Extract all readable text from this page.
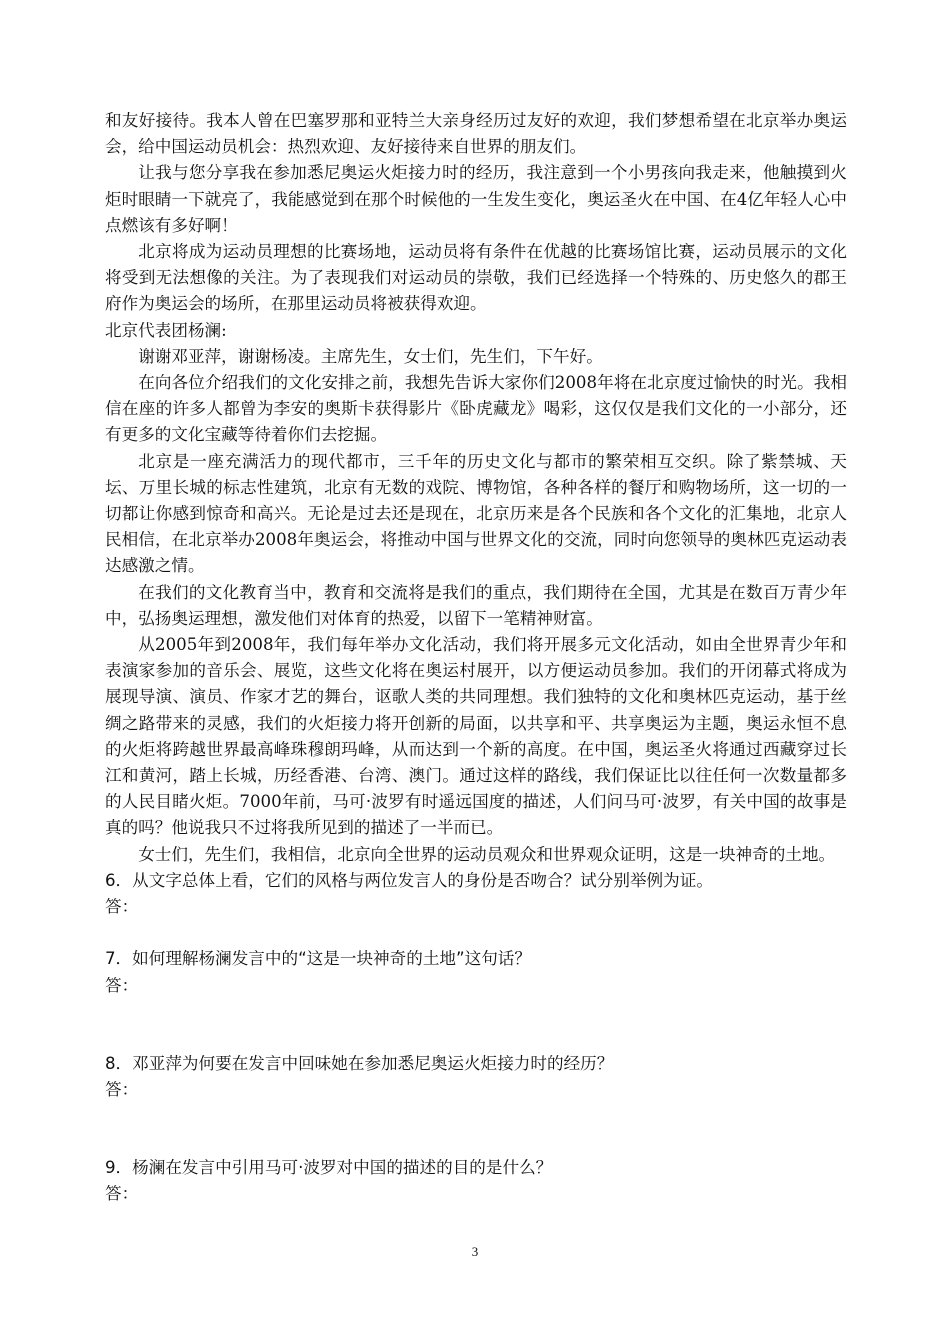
和友好接待。我本人曾在巴塞罗那和亚特兰大亲身经历过友好的欢迎，我们梦想希望在北京举办奥运会，给中国运动员机会：热烈欢迎、友好接待来自世界的朋友们。

让我与您分享我在参加悉尼奥运火炬接力时的经历，我注意到一个小男孩向我走来，他触摸到火炬时眼睛一下就亮了，我能感觉到在那个时候他的一生发生变化，奥运圣火在中国、在4亿年轻人心中点燃该有多好啊！

北京将成为运动员理想的比赛场地，运动员将有条件在优越的比赛场馆比赛，运动员展示的文化将受到无法想像的关注。为了表现我们对运动员的崇敬，我们已经选择一个特殊的、历史悠久的郡王府作为奥运会的场所，在那里运动员将被获得欢迎。

北京代表团杨澜:

谢谢邓亚萍，谢谢杨凌。主席先生，女士们，先生们，下午好。

在向各位介绍我们的文化安排之前，我想先告诉大家你们2008年将在北京度过愉快的时光。我相信在座的许多人都曾为李安的奥斯卡获得影片《卧虎藏龙》喝彩，这仅仅是我们文化的一小部分，还有更多的文化宝藏等待着你们去挖掘。

北京是一座充满活力的现代都市，三千年的历史文化与都市的繁荣相互交织。除了紫禁城、天坛、万里长城的标志性建筑，北京有无数的戏院、博物馆，各种各样的餐厅和购物场所，这一切的一切都让你感到惊奇和高兴。无论是过去还是现在，北京历来是各个民族和各个文化的汇集地，北京人民相信，在北京举办2008年奥运会，将推动中国与世界文化的交流，同时向您领导的奥林匹克运动表达感激之情。

在我们的文化教育当中，教育和交流将是我们的重点，我们期待在全国，尤其是在数百万青少年中，弘扬奥运理想，激发他们对体育的热爱，以留下一笔精神财富。

从2005年到2008年，我们每年举办文化活动，我们将开展多元文化活动，如由全世界青少年和表演家参加的音乐会、展览，这些文化将在奥运村展开，以方便运动员参加。我们的开闭幕式将成为展现导演、演员、作家才艺的舞台，讴歌人类的共同理想。我们独特的文化和奥林匹克运动，基于丝绸之路带来的灵感，我们的火炬接力将开创新的局面，以共享和平、共享奥运为主题，奥运永恒不息的火炬将跨越世界最高峰珠穆朗玛峰，从而达到一个新的高度。在中国，奥运圣火将通过西藏穿过长江和黄河，踏上长城，历经香港、台湾、澳门。通过这样的路线，我们保证比以往任何一次数量都多的人民目睹火炬。7000年前，马可·波罗有时遥远国度的描述，人们问马可·波罗，有关中国的故事是真的吗？他说我只不过将我所见到的描述了一半而已。

女士们，先生们，我相信，北京向全世界的运动员观众和世界观众证明，这是一块神奇的土地。

6．从文字总体上看，它们的风格与两位发言人的身份是否吻合？试分别举例为证。

答：

7．如何理解杨澜发言中的“这是一块神奇的土地”这句话？

答：

8．邓亚萍为何要在发言中回味她在参加悉尼奥运火炬接力时的经历？

答：

9．杨澜在发言中引用马可·波罗对中国的描述的目的是什么？

答：

3
